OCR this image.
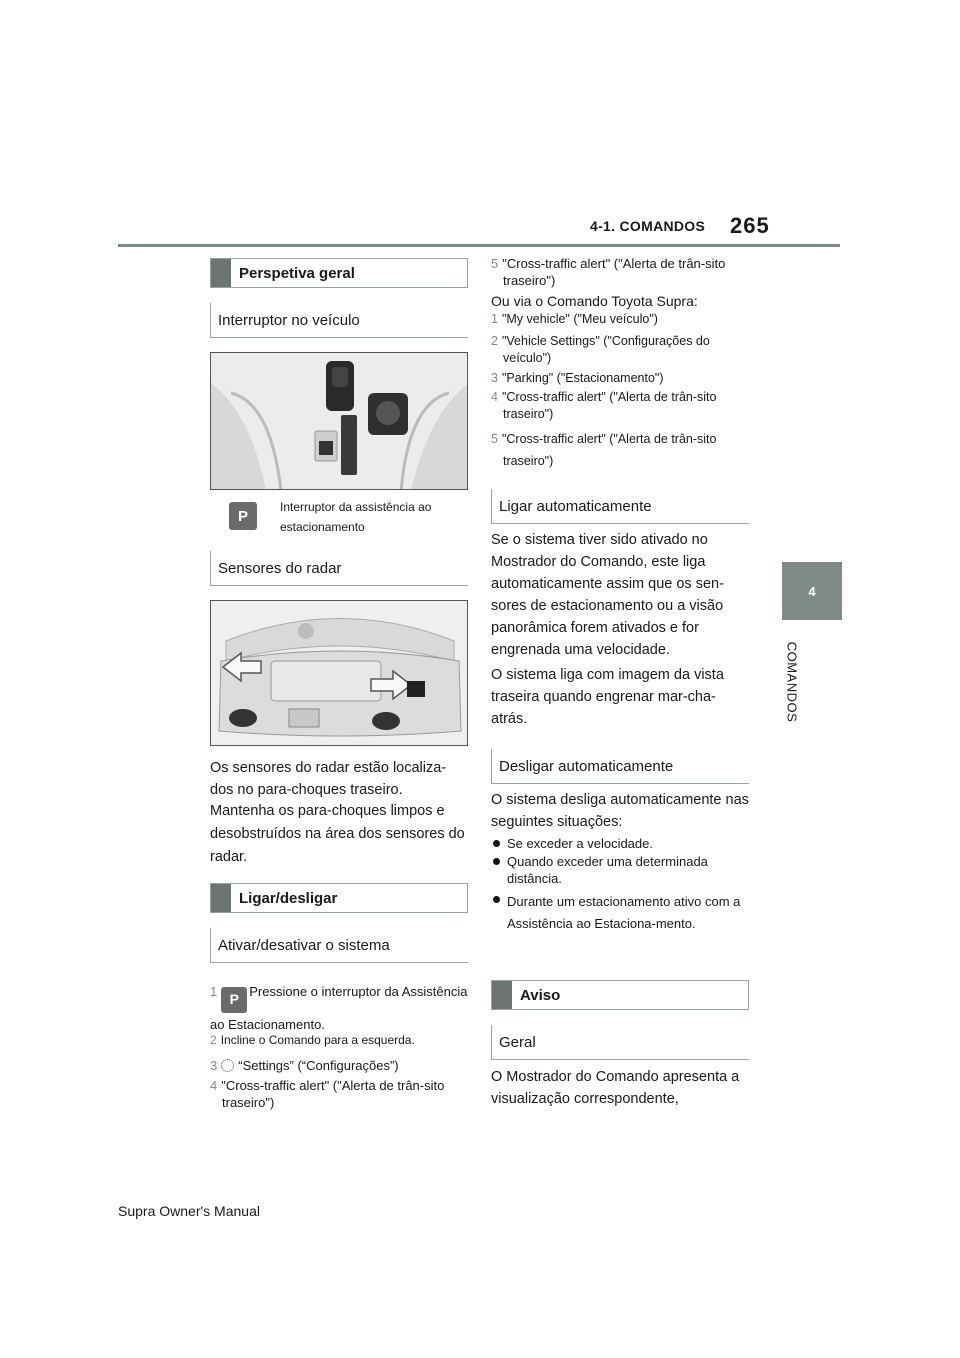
4-1. COMANDOS 265
4
COMANDOS
Perspetiva geral
Interruptor no veículo
P
Interruptor da assistência ao estacionamento
Sensores do radar
Os sensores do radar estão localiza-dos no para-choques traseiro.
Mantenha os para-choques limpos e desobstruídos na área dos sensores do radar.
Ligar/desligar
Ativar/desativar o sistema
1 P Pressione o interruptor da Assistência ao Estacionamento.
2 Incline o Comando para a esquerda.
3 “Settings” (“Configurações”)
4 "Cross-traffic alert" ("Alerta de trân-sito traseiro")
5 "Cross-traffic alert" ("Alerta de trân-sito traseiro")
Ou via o Comando Toyota Supra:
1 "My vehicle" ("Meu veículo")
2 "Vehicle Settings" ("Configurações do veículo")
3 "Parking" ("Estacionamento")
4 "Cross-traffic alert" ("Alerta de trân-sito traseiro")
5 "Cross-traffic alert" ("Alerta de trân-sito traseiro")
Ligar automaticamente
Se o sistema tiver sido ativado no Mostrador do Comando, este liga automaticamente assim que os sen-sores de estacionamento ou a visão panorâmica forem ativados e for engrenada uma velocidade.
O sistema liga com imagem da vista traseira quando engrenar mar-cha-atrás.
Desligar automaticamente
O sistema desliga automaticamente nas seguintes situações:
Se exceder a velocidade.
Quando exceder uma determinada distância.
Durante um estacionamento ativo com a Assistência ao Estaciona-mento.
Aviso
Geral
O Mostrador do Comando apresenta a visualização correspondente,
Supra Owner's Manual
